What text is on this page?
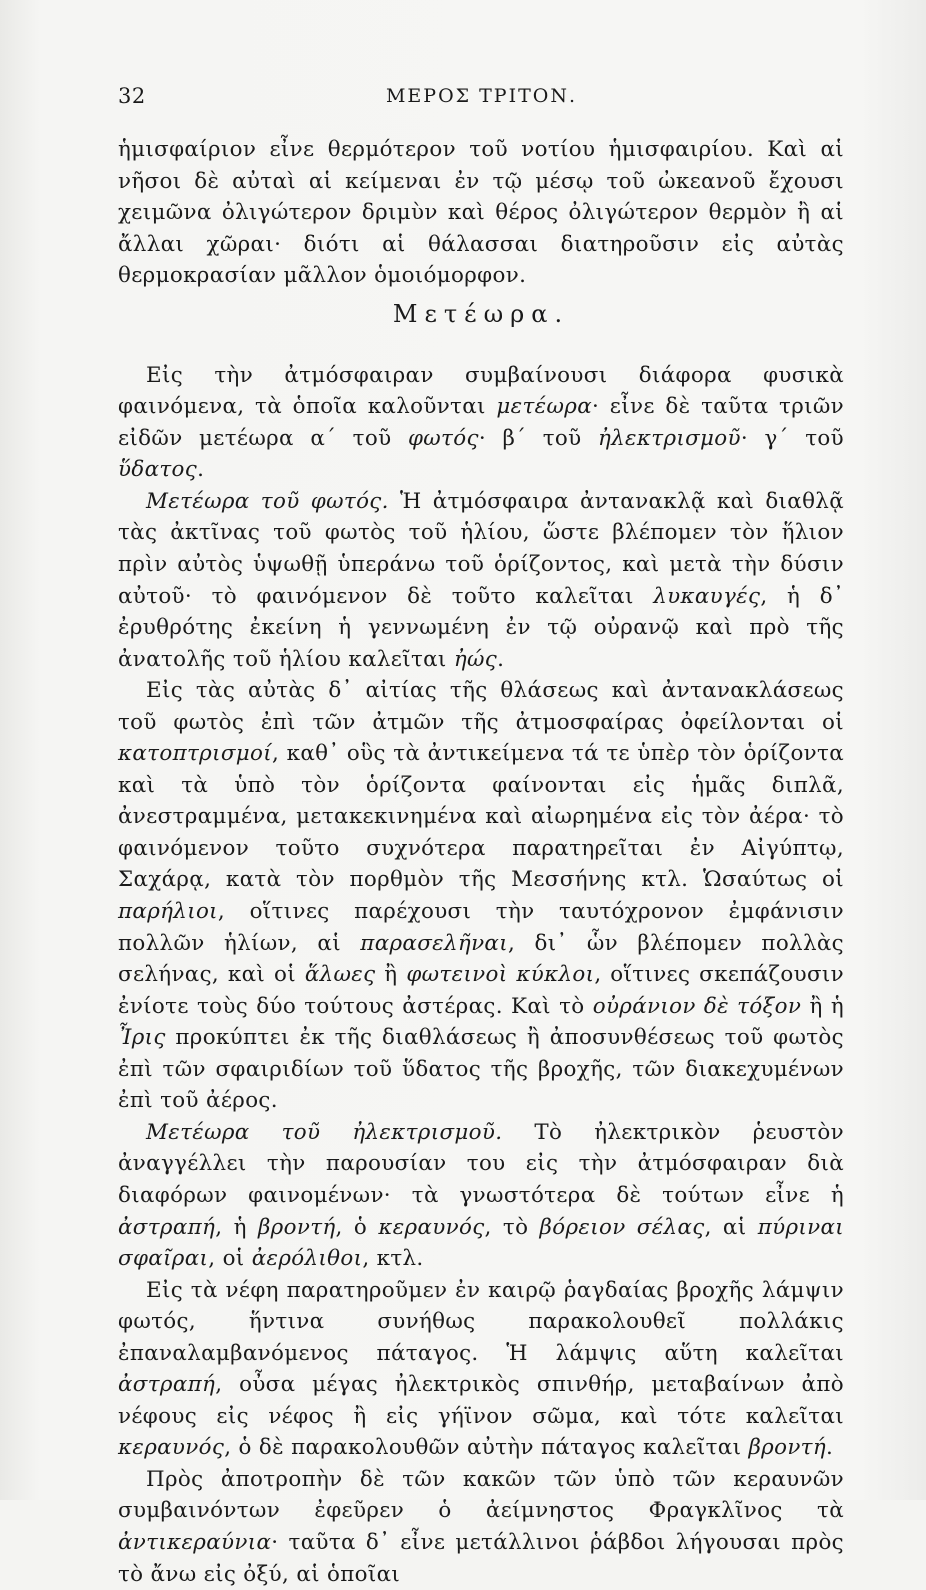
32	ΜΕΡΟΣ ΤΡΙΤΟΝ.

ἡμισφαίριον εἶνε θερμότερον τοῦ νοτίου ἡμισφαιρίου. Καὶ αἱ νῆσοι δὲ αὐταὶ αἱ κείμεναι ἐν τῷ μέσῳ τοῦ ὠκεανοῦ ἔχουσι χειμῶνα ὀλιγώτερον δριμὺν καὶ θέρος ὀλιγώτερον θερμὸν ἢ αἱ ἄλλαι χῶραι· διότι αἱ θάλασσαι διατηροῦσιν εἰς αὐτὰς θερμοκρασίαν μᾶλλον ὁμοιόμορφον.

Μετέωρα.

Εἰς τὴν ἀτμόσφαιραν συμβαίνουσι διάφορα φυσικὰ φαινόμενα, τὰ ὁποῖα καλοῦνται μετέωρα· εἶνε δὲ ταῦτα τριῶν εἰδῶν μετέωρα α΄ τοῦ φωτός· β΄ τοῦ ἠλεκτρισμοῦ· γ΄ τοῦ ὕδατος.

Μετέωρα τοῦ φωτός. Ἡ ἀτμόσφαιρα ἀντανακλᾷ καὶ διαθλᾷ τὰς ἀκτῖνας τοῦ φωτὸς τοῦ ἡλίου, ὥστε βλέπομεν τὸν ἥλιον πρὶν αὐτὸς ὑψωθῇ ὑπεράνω τοῦ ὁρίζοντος, καὶ μετὰ τὴν δύσιν αὐτοῦ· τὸ φαινόμενον δὲ τοῦτο καλεῖται λυκαυγές, ἡ δ᾽ ἐρυθρότης ἐκείνη ἡ γεννωμένη ἐν τῷ οὐρανῷ καὶ πρὸ τῆς ἀνατολῆς τοῦ ἡλίου καλεῖται ἠώς.

Εἰς τὰς αὐτὰς δ᾽ αἰτίας τῆς θλάσεως καὶ ἀντανακλάσεως τοῦ φωτὸς ἐπὶ τῶν ἀτμῶν τῆς ἀτμοσφαίρας ὀφείλονται οἱ κατοπτρισμοί, καθ᾽ οὓς τὰ ἀντικείμενα τά τε ὑπὲρ τὸν ὁρίζοντα καὶ τὰ ὑπὸ τὸν ὁρίζοντα φαίνονται εἰς ἡμᾶς διπλᾶ, ἀνεστραμμένα, μετακεκινημένα καὶ αἰωρημένα εἰς τὸν ἀέρα· τὸ φαινόμενον τοῦτο συχνότερα παρατηρεῖται ἐν Αἰγύπτῳ, Σαχάρᾳ, κατὰ τὸν πορθμὸν τῆς Μεσσήνης κτλ. Ὡσαύτως οἱ παρήλιοι, οἵτινες παρέχουσι τὴν ταυτόχρονον ἐμφάνισιν πολλῶν ἡλίων, αἱ παρασελῆναι, δι᾽ ὧν βλέπομεν πολλὰς σελήνας, καὶ οἱ ἅλωες ἢ φωτεινοὶ κύκλοι, οἵτινες σκεπάζουσιν ἐνίοτε τοὺς δύο τούτους ἀστέρας. Καὶ τὸ οὐράνιον δὲ τόξον ἢ ἡ Ἶρις προκύπτει ἐκ τῆς διαθλάσεως ἢ ἀποσυνθέσεως τοῦ φωτὸς ἐπὶ τῶν σφαιριδίων τοῦ ὕδατος τῆς βροχῆς, τῶν διακεχυμένων ἐπὶ τοῦ ἀέρος.

Μετέωρα τοῦ ἠλεκτρισμοῦ. Τὸ ἠλεκτρικὸν ῥευστὸν ἀναγγέλλει τὴν παρουσίαν του εἰς τὴν ἀτμόσφαιραν διὰ διαφόρων φαινομένων· τὰ γνωστότερα δὲ τούτων εἶνε ἡ ἀστραπή, ἡ βροντή, ὁ κεραυνός, τὸ βόρειον σέλας, αἱ πύριναι σφαῖραι, οἱ ἀερόλιθοι, κτλ.

Εἰς τὰ νέφη παρατηροῦμεν ἐν καιρῷ ῥαγδαίας βροχῆς λάμψιν φωτός, ἥντινα συνήθως παρακολουθεῖ πολλάκις ἐπαναλαμβανόμενος πάταγος. Ἡ λάμψις αὕτη καλεῖται ἀστραπή, οὖσα μέγας ἠλεκτρικὸς σπινθήρ, μεταβαίνων ἀπὸ νέφους εἰς νέφος ἢ εἰς γήϊνον σῶμα, καὶ τότε καλεῖται κεραυνός, ὁ δὲ παρακολουθῶν αὐτὴν πάταγος καλεῖται βροντή.

Πρὸς ἀποτροπὴν δὲ τῶν κακῶν τῶν ὑπὸ τῶν κεραυνῶν συμβαινόντων ἐφεῦρεν ὁ ἀείμνηστος Φραγκλῖνος τὰ ἀντικεραύνια· ταῦτα δ᾽ εἶνε μετάλλινοι ῥάβδοι λήγουσαι πρὸς τὸ ἄνω εἰς ὀξύ, αἱ ὁποῖαι
